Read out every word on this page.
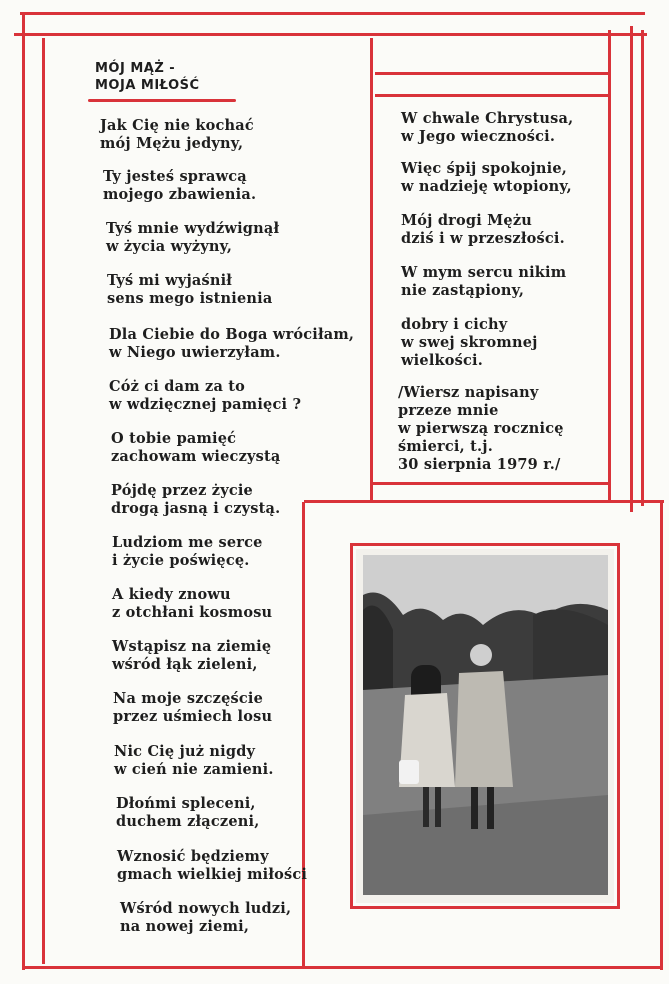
MÓJ MĄŻ -
MOJA MIŁOŚĆ
Jak Cię nie kochać
mój Mężu jedyny,
Ty jesteś sprawcą
mojego zbawienia.
Tyś mnie wydźwignął
w życia wyżyny,
Tyś mi wyjaśnił
sens mego istnienia
Dla Ciebie do Boga wróciłam,
w Niego uwierzyłam.
Cóż ci dam za to
w wdzięcznej pamięci ?
O tobie pamięć
zachowam wieczystą
Pójdę przez życie
drogą jasną i czystą.
Ludziom me serce
i życie poświęcę.
A kiedy znowu
z otchłani kosmosu
Wstąpisz na ziemię
wśród łąk zieleni,
Na moje szczęście
przez uśmiech losu
Nic Cię już nigdy
w cień nie zamieni.
Dłońmi spleceni,
duchem złączeni,
Wznosić będziemy
gmach wielkiej miłości
Wśród nowych ludzi,
na nowej ziemi,
W chwale Chrystusa,
w Jego wieczności.
Więc śpij spokojnie,
w nadzieję wtopiony,
Mój drogi Mężu
dziś i w przeszłości.
W mym sercu nikim
nie zastąpiony,
dobry i cichy
w swej skromnej
wielkości.
/Wiersz napisany
przeze mnie
w pierwszą rocznicę
śmierci, t.j.
30 sierpnia 1979 r./
